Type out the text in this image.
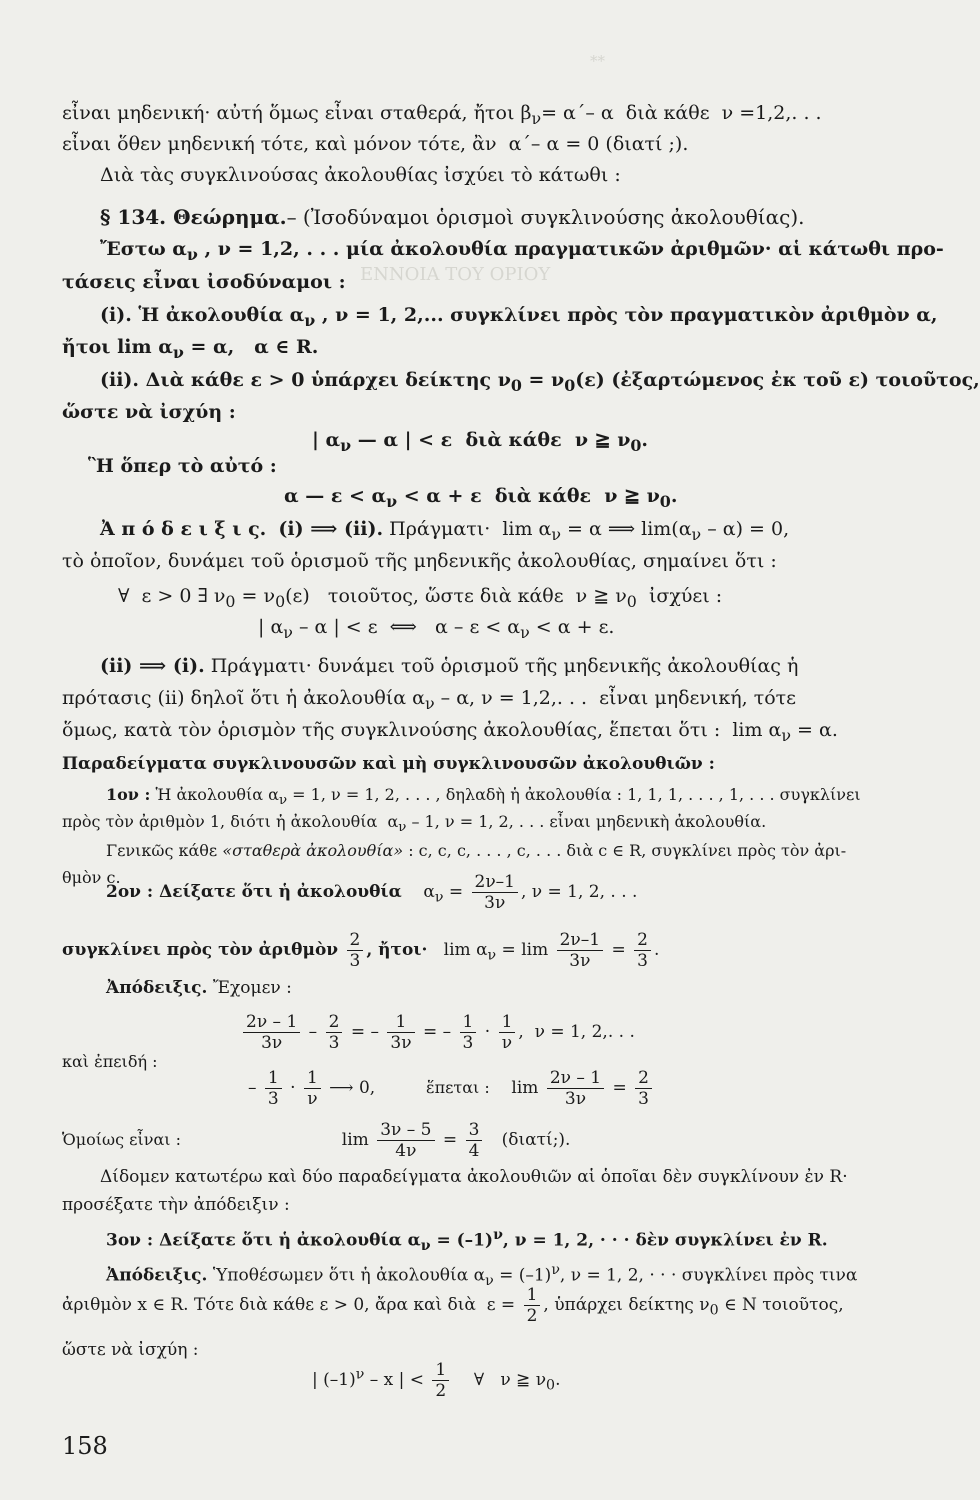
**
ΕΝΝΟΙΑ ΤΟΥ ΟΡΙΟΥ
εἶναι μηδενική· αὐτή ὅμως εἶναι σταθερά, ἤτοι $\beta_\nu= \alpha΄-$ α  διὰ κάθε  ν =1,2,. . .
εἶναι ὅθεν μηδενική τότε, καὶ μόνον τότε, ἂν  α΄– α = 0 (διατί ;).
Διὰ τὰς συγκλινούσας ἀκολουθίας ἰσχύει τὸ κάτωθι :
§ 134. Θεώρημα.– (Ἰσοδύναμοι ὁρισμοὶ συγκλινούσης ἀκολουθίας).
Ἔστω $\alpha_\nu$ , ν = 1,2, . . . μία ἀκολουθία πραγματικῶν ἀριθμῶν· αἱ κάτωθι προ-
τάσεις εἶναι ἰσοδύναμοι :
(i). Ἡ ἀκολουθία $\alpha_\nu$ , ν = 1, 2,... συγκλίνει πρὸς τὸν πραγματικὸν ἀριθμὸν α,
ἤτοι $\lim \alpha_\nu = \alpha$,   α ∈ R.
(ii). Διὰ κάθε ε > 0 ὑπάρχει δείκτης $\nu_0 = \nu_0(\varepsilon)$ (ἐξαρτώμενος ἐκ τοῦ ε) τοιοῦτος,
ὥστε νὰ ἰσχύη :
| $\alpha_\nu$ — α | < ε  διὰ κάθε  ν ≧ $\nu_0$.
Ἣ ὅπερ τὸ αὐτό :
α — $\varepsilon < \alpha_\nu < \alpha + \varepsilon$  διὰ κάθε  ν ≧ $\nu_0$.
Ἀ π ό δ ε ι ξ ι ς. (i) ⟹ (ii). $\Pi\rho ά\gamma\mu\alpha\tau\iota\cdot \lim \alpha_\nu = \alpha$ ⟹ $\lim(\alpha_\nu - \alpha) = 0$,
τὸ ὁποῖον, δυνάμει τοῦ ὁρισμοῦ τῆς μηδενικῆς ἀκολουθίας, σημαίνει ὅτι :
∀  ε > 0 ∃ $\nu_0 = \nu_0(\varepsilon)$   τοιοῦτος, ὥστε διὰ κάθε  ν ≧ $\nu_0$  ἰσχύει :
| $\alpha_\nu$ – α | < ε  ⟺   $\alpha - \varepsilon < \alpha_\nu < \alpha + \varepsilon$.
(ii) ⟹ (i). Πράγματι· δυνάμει τοῦ ὁρισμοῦ τῆς μηδενικῆς ἀκολουθίας ἡ
πρότασις (ii) δηλοῖ ὅτι ἡ ἀκολουθία $\alpha_\nu$ – α, ν = 1,2,. . .  εἶναι μηδενική, τότε
ὅμως, κατὰ τὸν ὁρισμὸν τῆς συγκλινούσης ἀκολουθίας, ἕπεται ὅτι :  $\lim \alpha_\nu = \alpha$.
Παραδείγματα συγκλινουσῶν καὶ μὴ συγκλινουσῶν ἀκολουθιῶν :
1ον : Ἡ ἀκολουθία $\alpha_\nu = 1$, ν = 1, 2, . . . , δηλαδὴ ἡ ἀκολουθία : 1, 1, 1, . . . , 1, . . . συγκλίνει
πρὸς τὸν ἀριθμὸν 1, διότι ἡ ἀκολουθία  $\alpha_\nu - 1$, ν = 1, 2, . . . εἶναι μηδενικὴ ἀκολουθία.
Γενικῶς κάθε «σταθερὰ ἀκολουθία» : c, c, c, . . . , c, . . . διὰ c ∈ R, συγκλίνει πρὸς τὸν ἀρι-
θμὸν c.
2ον : Δείξατε ὅτι ἡ ἀκολουθία    $\alpha_\nu = \frac{2\nu-1}{3\nu}$ , ν = 1, 2, . . .
συγκλίνει πρὸς τὸν ἀριθμὸν $\frac{2}{3}$ , ἤτοι·   $\lim \alpha_\nu = \lim \frac{2\nu-1}{3\nu} = \frac{2}{3}$ .
Ἀπόδειξις. Ἔχομεν :
$\frac{2\nu - 1}{3\nu} - \frac{2}{3}$ = – $\frac{1}{3\nu}$ = – $\frac{1}{3} \cdot \frac{1}{\nu}$ ,  ν = 1, 2,. . .
καὶ ἐπειδή :
– $\frac{1}{3} \cdot \frac{1}{\nu}$ ⟶ 0,	ἕπεται :    $\lim \frac{2\nu - 1}{3\nu} = \frac{2}{3}$
Ὁμοίως εἶναι :	$\lim \frac{3\nu - 5}{4\nu} = \frac{3}{4}$ (διατί;).
Δίδομεν κατωτέρω καὶ δύο παραδείγματα ἀκολουθιῶν αἱ ὁποῖαι δὲν συγκλίνουν ἐν R·
προσέξατε τὴν ἀπόδειξιν :
3ον : Δείξατε ὅτι ἡ ἀκολουθία $\alpha_\nu = (-1)^\nu$, ν = 1, 2, · · · δὲν συγκλίνει ἐν R.
Ἀπόδειξις. Ὑποθέσωμεν ὅτι ἡ ἀκολουθία $\alpha_\nu = (-1)^\nu$, ν = 1, 2, · · · συγκλίνει πρὸς τινα
ἀριθμὸν x ∈ R. Τότε διὰ κάθε ε > 0, ἄρα καὶ διὰ  $\varepsilon = \frac{1}{2}$ , ὑπάρχει δείκτης $\nu_0$ ∈ N τοιοῦτος,
ὥστε νὰ ἰσχύη :
| $(-1)^\nu$ – x | < $\frac{1}{2}$ ∀   ν ≧ $\nu_0$.
158
